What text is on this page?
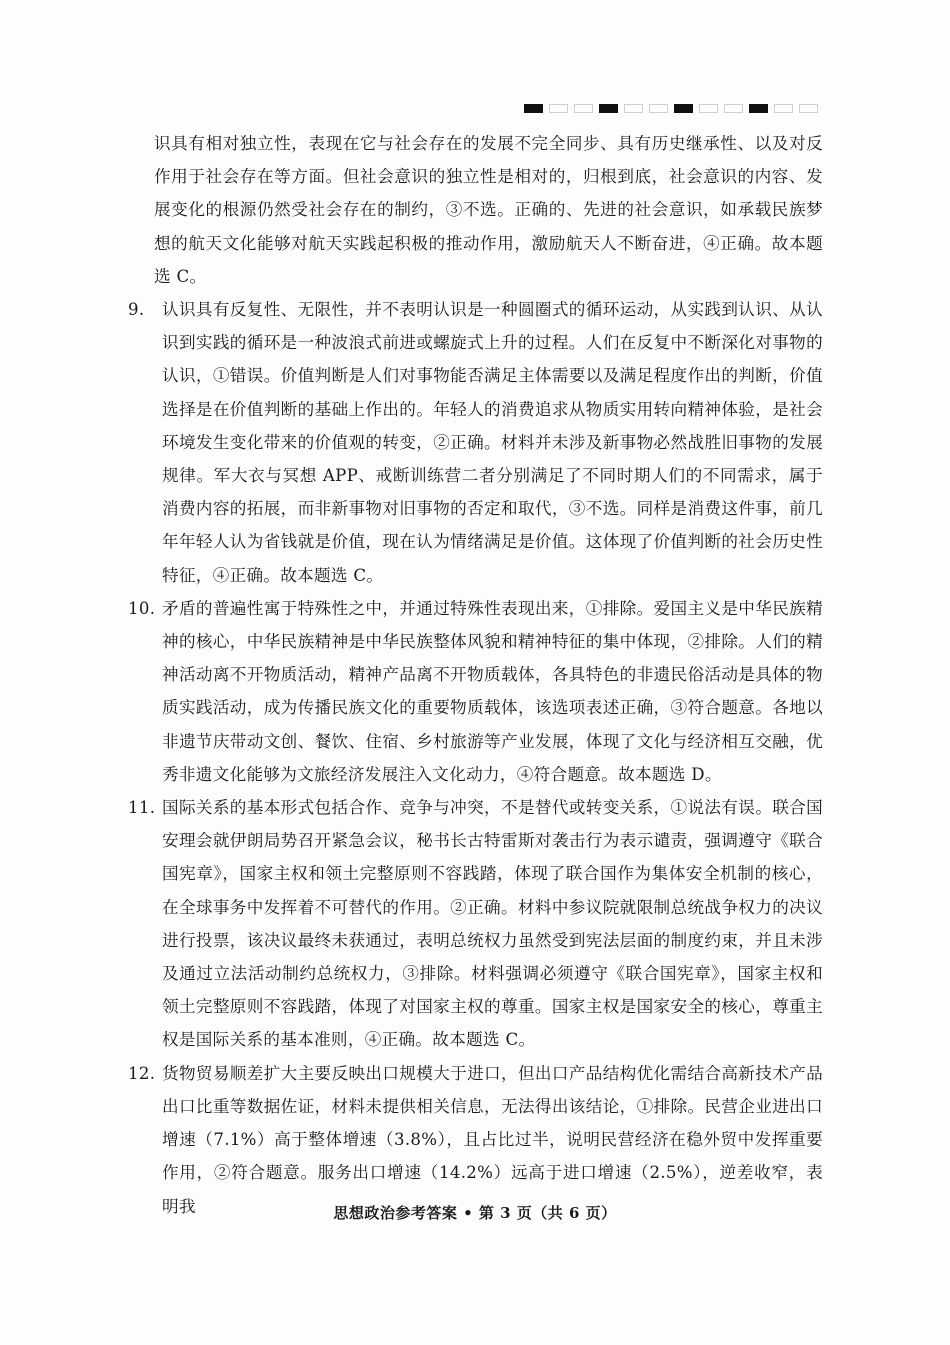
识具有相对独立性，表现在它与社会存在的发展不完全同步、具有历史继承性、以及对反作用于社会存在等方面。但社会意识的独立性是相对的，归根到底，社会意识的内容、发展变化的根源仍然受社会存在的制约，③不选。正确的、先进的社会意识，如承载民族梦想的航天文化能够对航天实践起积极的推动作用，激励航天人不断奋进，④正确。故本题选 C。
9.	认识具有反复性、无限性，并不表明认识是一种圆圈式的循环运动，从实践到认识、从认识到实践的循环是一种波浪式前进或螺旋式上升的过程。人们在反复中不断深化对事物的认识，①错误。价值判断是人们对事物能否满足主体需要以及满足程度作出的判断，价值选择是在价值判断的基础上作出的。年轻人的消费追求从物质实用转向精神体验，是社会环境发生变化带来的价值观的转变，②正确。材料并未涉及新事物必然战胜旧事物的发展规律。军大衣与冥想 APP、戒断训练营二者分别满足了不同时期人们的不同需求，属于消费内容的拓展，而非新事物对旧事物的否定和取代，③不选。同样是消费这件事，前几年年轻人认为省钱就是价值，现在认为情绪满足是价值。这体现了价值判断的社会历史性特征，④正确。故本题选 C。
10. 矛盾的普遍性寓于特殊性之中，并通过特殊性表现出来，①排除。爱国主义是中华民族精神的核心，中华民族精神是中华民族整体风貌和精神特征的集中体现，②排除。人们的精神活动离不开物质活动，精神产品离不开物质载体，各具特色的非遗民俗活动是具体的物质实践活动，成为传播民族文化的重要物质载体，该选项表述正确，③符合题意。各地以非遗节庆带动文创、餐饮、住宿、乡村旅游等产业发展，体现了文化与经济相互交融，优秀非遗文化能够为文旅经济发展注入文化动力，④符合题意。故本题选 D。
11. 国际关系的基本形式包括合作、竞争与冲突，不是替代或转变关系，①说法有误。联合国安理会就伊朗局势召开紧急会议，秘书长古特雷斯对袭击行为表示谴责，强调遵守《联合国宪章》，国家主权和领土完整原则不容践踏，体现了联合国作为集体安全机制的核心，在全球事务中发挥着不可替代的作用。②正确。材料中参议院就限制总统战争权力的决议进行投票，该决议最终未获通过，表明总统权力虽然受到宪法层面的制度约束，并且未涉及通过立法活动制约总统权力，③排除。材料强调必须遵守《联合国宪章》，国家主权和领土完整原则不容践踏，体现了对国家主权的尊重。国家主权是国家安全的核心，尊重主权是国际关系的基本准则，④正确。故本题选 C。
12. 货物贸易顺差扩大主要反映出口规模大于进口，但出口产品结构优化需结合高新技术产品出口比重等数据佐证，材料未提供相关信息，无法得出该结论，①排除。民营企业进出口增速（7.1%）高于整体增速（3.8%），且占比过半，说明民营经济在稳外贸中发挥重要作用，②符合题意。服务出口增速（14.2%）远高于进口增速（2.5%），逆差收窄，表明我	思想政治参考答案 • 第 3 页（共 6 页）
